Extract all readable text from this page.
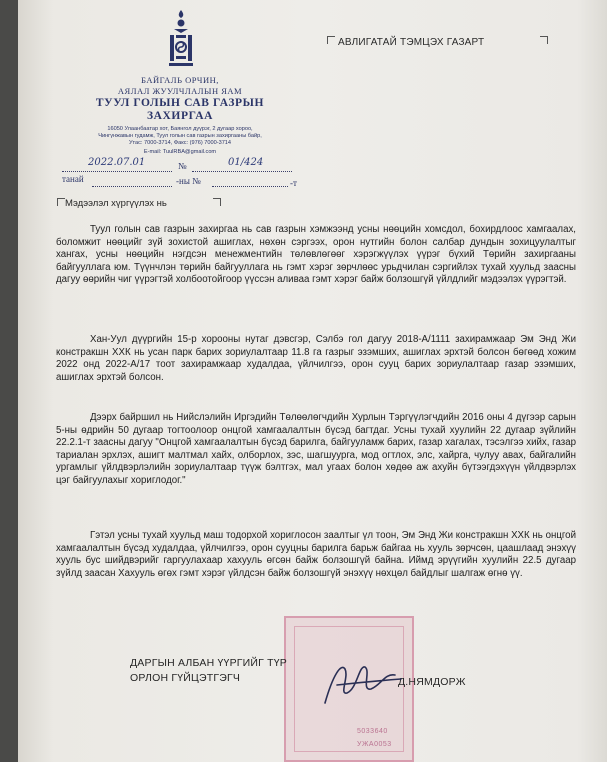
БАЙГАЛЬ ОРЧИН,
АЯЛАЛ ЖУУЛЧЛАЛЫН ЯАМ
ТУУЛ ГОЛЫН САВ ГАЗРЫН
ЗАХИРГАА
16050 Улаанбаатар хот, Баянгол дүүрэг, 2 дугаар хороо,
Чингүнжавын гудамж, Туул голын сав газрын захиргааны байр,
Утас: 7000-3714, Факс: (976) 7000-3714
E-mail: TuulRBA@gmail.com
2022.07.01	№	01/424
танай	-ны №	-т
АВЛИГАТАЙ ТЭМЦЭХ ГАЗАРТ
Мэдээлэл хүргүүлэх нь

Туул голын сав газрын захиргаа нь сав газрын хэмжээнд усны нөөцийн хомсдол, бохирдлоос хамгаалах, боломжит нөөцийг зүй зохистой ашиглах, нөхөн сэргээх, орон нутгийн болон салбар дундын зохицуулалтыг хангах, усны нөөцийн нэгдсэн менежментийн төлөвлөгөөг хэрэгжүүлэх үүрэг бүхий Төрийн захиргааны байгууллага юм. Түүнчлэн төрийн байгууллага нь гэмт хэрэг зөрчлөөс урьдчилан сэргийлэх тухай хуульд заасны дагуу өөрийн чиг үүрэгтэй холбоотойгоор үүссэн аливаа гэмт хэрэг байж болзошгүй үйлдлийг мэдээлэх үүрэгтэй.

Хан-Уул дүүргийн 15-р хорооны нутаг дэвсгэр, Сэлбэ гол дагуу 2018-А/1111 захирамжаар Эм Энд Жи констракшн ХХК нь усан парк барих зориулалтаар 11.8 га газрыг эзэмших, ашиглах эрхтэй болсон бөгөөд хожим 2022 онд 2022-А/17 тоот захирамжаар худалдаа, үйлчилгээ, орон сууц барих зориулалтаар газар эзэмших, ашиглах эрхтэй болсон.

Дээрх байршил нь Нийслэлийн Иргэдийн Төлөөлөгчдийн Хурлын Тэргүүлэгчдийн 2016 оны 4 дүгээр сарын 5-ны өдрийн 50 дугаар тогтоолоор онцгой хамгаалалтын бүсэд багтдаг. Усны тухай хуулийн 22 дугаар зүйлийн 22.2.1-т заасны дагуу "Онцгой хамгаалалтын бүсэд барилга, байгууламж барих, газар хагалах, тэсэлгээ хийх, газар тариалан эрхлэх, ашигт малтмал хайх, олборлох, зэс, шагшуурга, мод огтлох, элс, хайрга, чулуу авах, байгалийн ургамлыг үйлдвэрлэлийн зориулалтаар түүж бэлтгэх, мал угаах болон хөдөө аж ахуйн бүтээгдэхүүн үйлдвэрлэх цэг байгуулахыг хориглодог."

Гэтэл усны тухай хуульд маш тодорхой хориглосон заалтыг үл тоон, Эм Энд Жи констракшн ХХК нь онцгой хамгаалалтын бүсэд худалдаа, үйлчилгээ, орон сууцны барилга барьж байгаа нь хууль зөрчсөн, цаашлаад энэхүү хууль бус шийдвэрийг гаргуулахаар хахууль өгсөн байж болзошгүй байна. Иймд эрүүгийн хуулийн 22.5 дугаар зүйлд заасан Хахууль өгөх гэмт хэрэг үйлдсэн байж болзошгүй энэхүү нөхцөл байдлыг шалгаж өгнө үү.

5033640
УЖА0053
ДАРГЫН АЛБАН ҮҮРГИЙГ ТҮР
ОРЛОН ГҮЙЦЭТГЭГЧ	Д.НЯМДОРЖ
